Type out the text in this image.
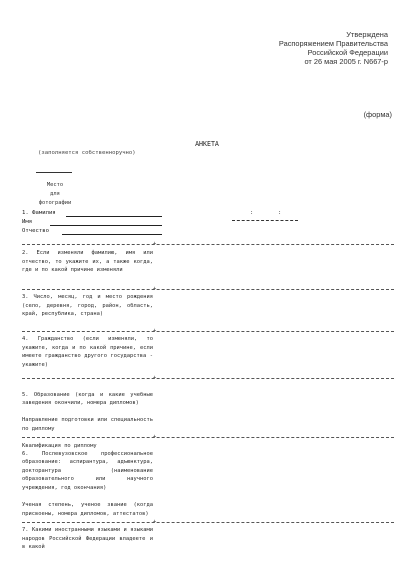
Утверждена
Распоряжением Правительства
Российской Федерации
от 26 мая 2005 г. N667-р
(форма)
АНКЕТА
(заполняется собственноручно)
Место
для
фотографии
1. Фамилия
Имя
Отчество
:	:
+
+
+
+
+
+
2. Если изменяли фамилию, имя или отчество, то укажите их, а также когда, где и по какой причине изменяли
3. Число, месяц, год и место рождения (село, деревня, город, район, область, край, республика, страна)
4. Гражданство (если изменяли, то укажите, когда и по какой причине, если имеете гражданство другого государства - укажите)

5. Образование (когда и какие учебные заведения окончили, номера дипломов)

Направление подготовки или специальность по диплому

Квалификация по диплому

6. Послевузовское профессиональное образование: аспирантура, адъюнктура, докторантура (наименование образовательного или научного учреждения, год окончания)

Ученая степень, ученое звание (когда присвоены, номера дипломов, аттестатов)

7. Какими иностранными языками и языками народов Российской Федерации владеете и в какой
